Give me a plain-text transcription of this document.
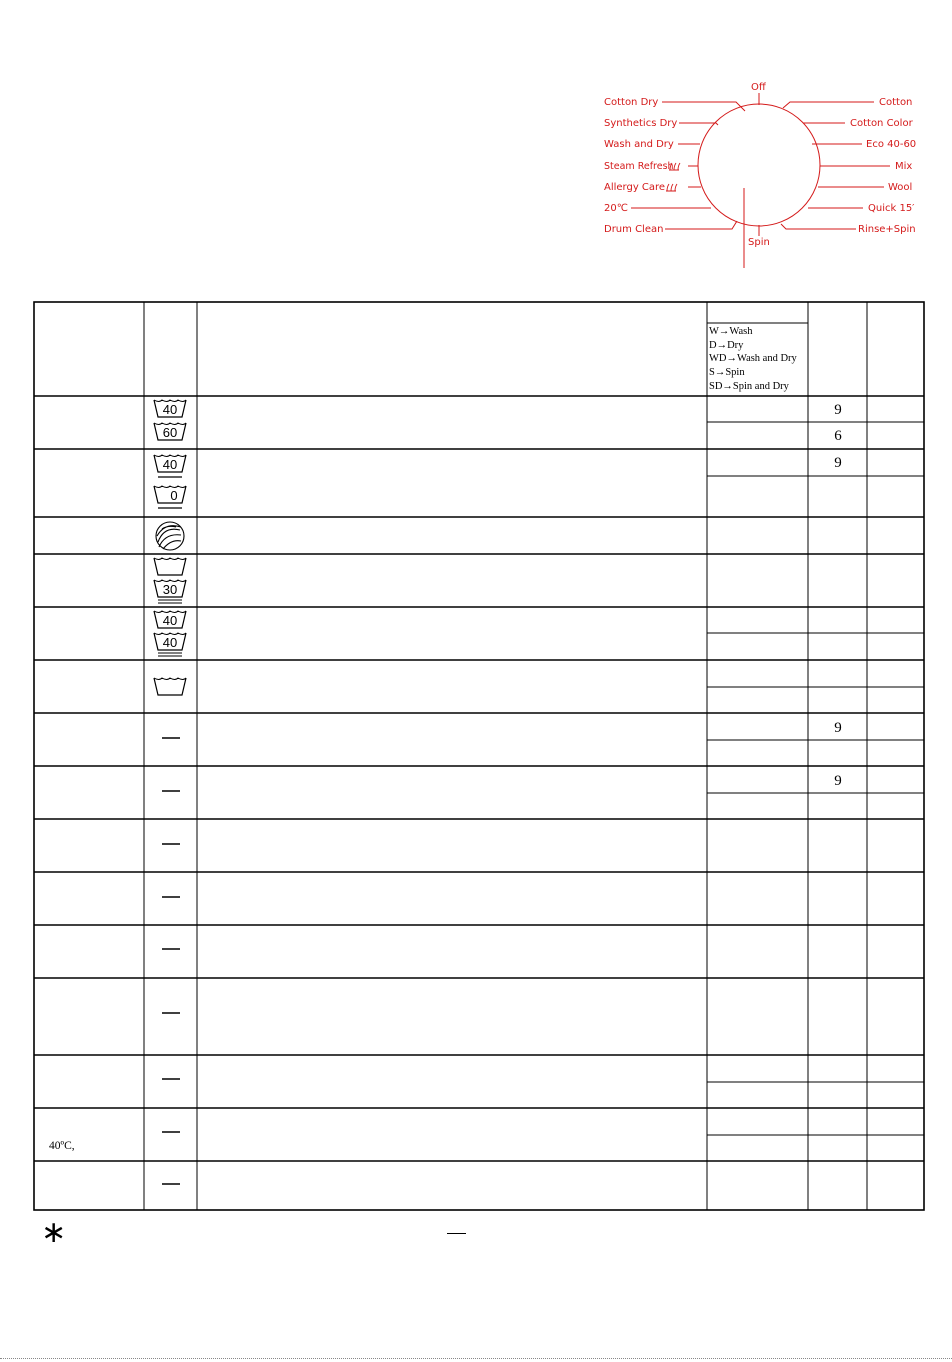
Off
Cotton Dry
Synthetics Dry
Wash and Dry
Steam Refresh
Allergy Care
20℃
Drum Clean
Spin
Cotton
Cotton Color
Eco 40-60
Mix
Wool
Quick 15′
Rinse+Spin
40
60
40
0
30
40
40
9
6
9
9
9
W→Wash
D→Dry
WD→Wash and Dry
S→Spin
SD→Spin and Dry
40ºC,
∗
